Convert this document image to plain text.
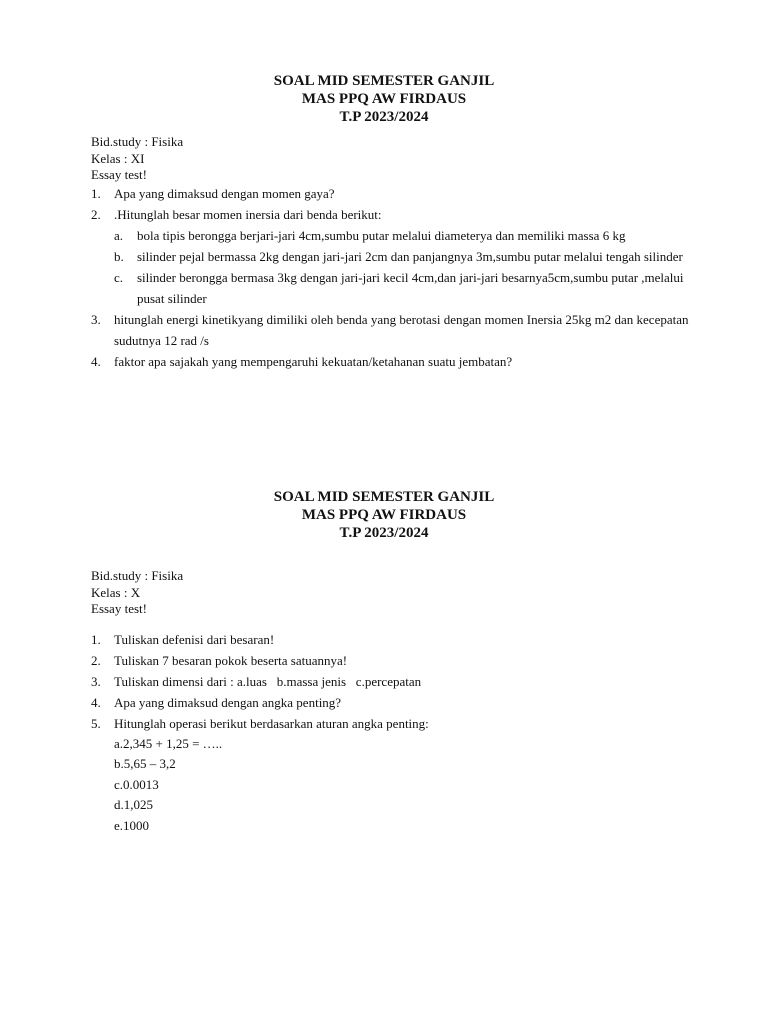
SOAL MID SEMESTER GANJIL
MAS PPQ AW FIRDAUS
T.P 2023/2024
Bid.study : Fisika
Kelas : XI
Essay test!
1. Apa yang dimaksud dengan momen gaya?
2. .Hitunglah besar momen inersia dari benda berikut:
a. bola tipis berongga berjari-jari 4cm,sumbu putar melalui diameterya dan memiliki massa 6 kg
b. silinder pejal bermassa 2kg dengan jari-jari 2cm dan panjangnya 3m,sumbu putar melalui tengah silinder
c. silinder berongga bermasa 3kg dengan jari-jari kecil 4cm,dan jari-jari besarnya5cm,sumbu putar ,melalui pusat silinder
3. hitunglah energi kinetikyang dimiliki oleh benda yang berotasi dengan momen Inersia 25kg m2 dan kecepatan sudutnya 12 rad /s
4. faktor apa sajakah yang mempengaruhi kekuatan/ketahanan suatu jembatan?
SOAL MID SEMESTER GANJIL
MAS PPQ AW FIRDAUS
T.P 2023/2024
Bid.study : Fisika
Kelas : X
Essay test!
1. Tuliskan defenisi dari besaran!
2. Tuliskan 7 besaran pokok beserta satuannya!
3. Tuliskan dimensi dari : a.luas   b.massa jenis   c.percepatan
4. Apa yang dimaksud dengan angka penting?
5. Hitunglah operasi berikut berdasarkan aturan angka penting:
a.2,345 + 1,25 = …..
b.5,65 – 3,2
c.0.0013
d.1,025
e.1000
